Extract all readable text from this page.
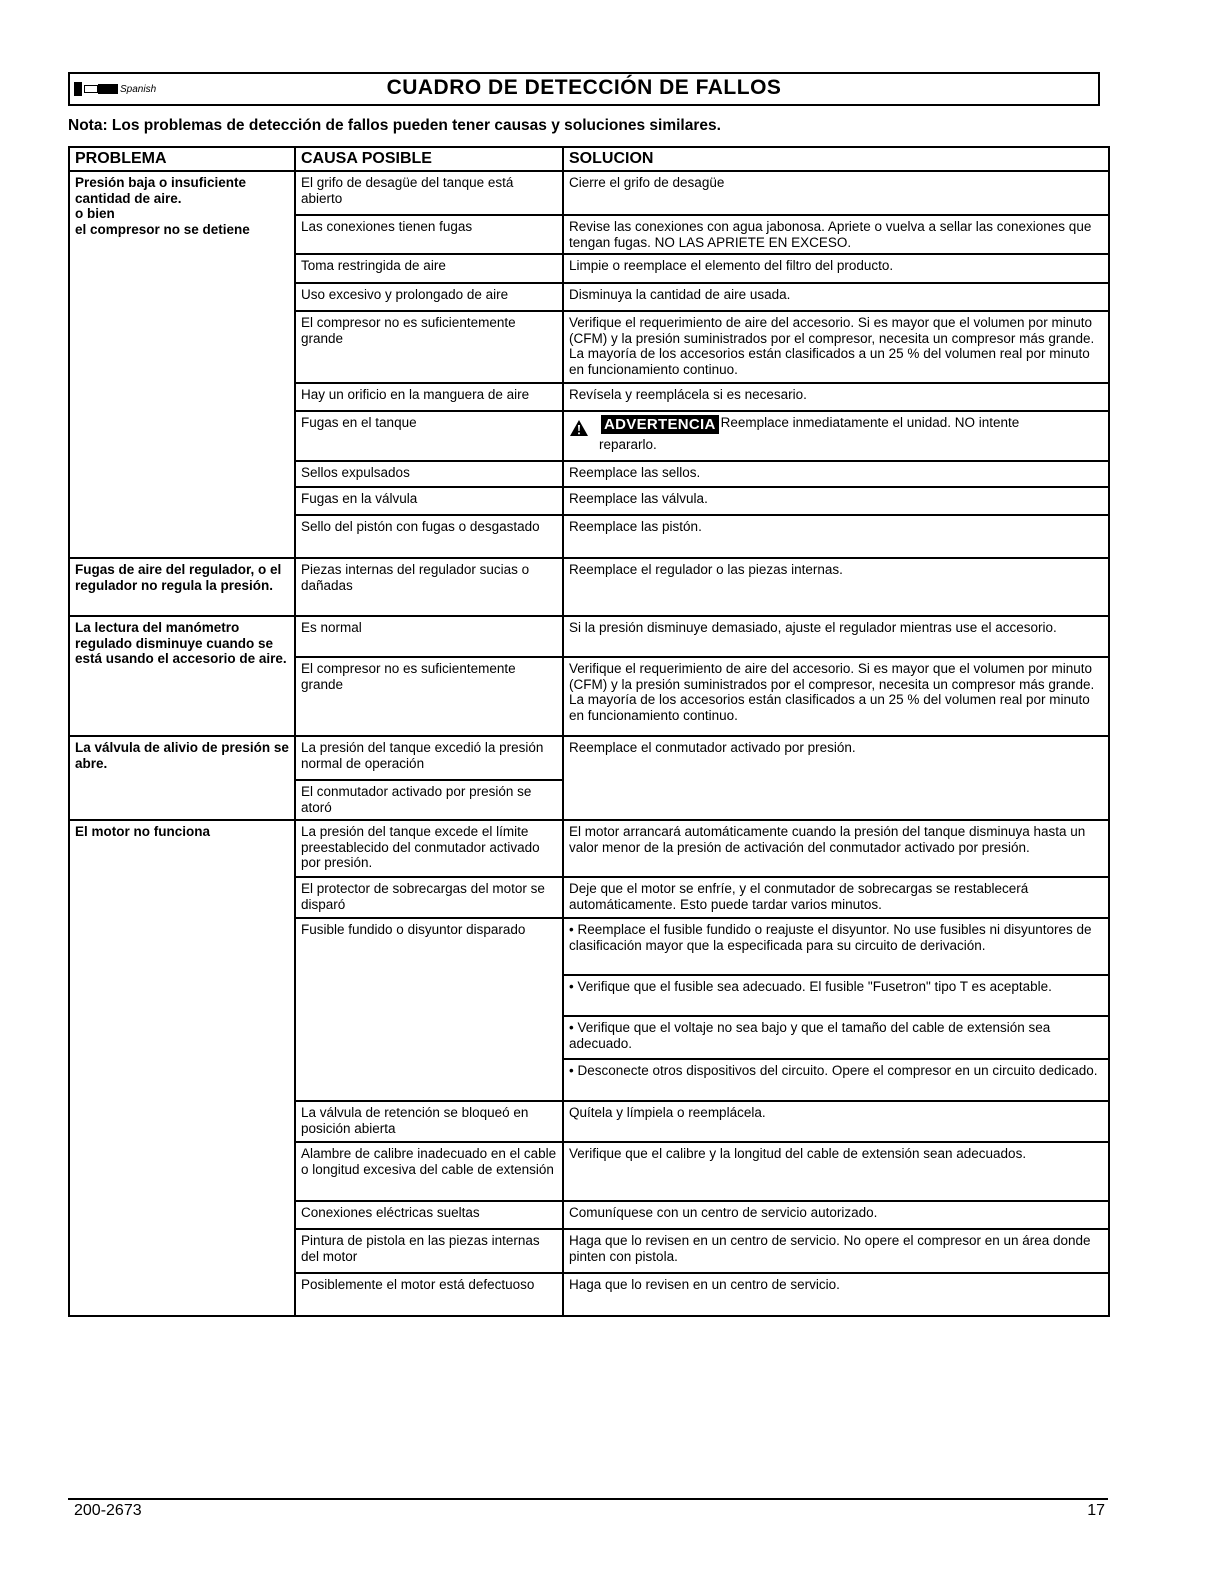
Spanish	CUADRO DE DETECCIÓN DE FALLOS
Nota: Los problemas de detección de fallos pueden tener causas y soluciones similares.
PROBLEMA	CAUSA POSIBLE	SOLUCION
Presión baja o insuficiente cantidad de aire.
o bien
el compresor no se detiene	El grifo de desagüe del tanque está abierto	Cierre el grifo de desagüe
	Las conexiones tienen fugas	Revise las conexiones con agua jabonosa. Apriete o vuelva a sellar las conexiones que tengan fugas. NO LAS APRIETE EN EXCESO.
	Toma restringida de aire	Limpie o reemplace el elemento del filtro del producto.
	Uso excesivo y prolongado de aire	Disminuya la cantidad de aire usada.
	El compresor no es suficientemente grande	Verifique el requerimiento de aire del accesorio. Si es mayor que el volumen por minuto (CFM) y la presión suministrados por el compresor, necesita un compresor más grande. La mayoría de los accesorios están clasificados a un 25 % del volumen real por minuto en funcionamiento continuo.
	Hay un orificio en la manguera de aire	Revísela y reemplácela si es necesario.
	Fugas en el tanque	ADVERTENCIA Reemplace inmediatamente el unidad. NO intente
repararlo.

	Sellos expulsados	Reemplace las sellos.
	Fugas en la válvula	Reemplace las válvula.
	Sello del pistón con fugas o desgastado	Reemplace las pistón.
Fugas de aire del regulador, o el regulador no regula la presión.	Piezas internas del regulador sucias o dañadas	Reemplace el regulador o las piezas internas.
La lectura del manómetro regulado disminuye cuando se está usando el accesorio de aire.	Es normal	Si la presión disminuye demasiado, ajuste el regulador mientras use el accesorio.
	El compresor no es suficientemente grande	Verifique el requerimiento de aire del accesorio. Si es mayor que el volumen por minuto (CFM) y la presión suministrados por el compresor, necesita un compresor más grande. La mayoría de los accesorios están clasificados a un 25 % del volumen real por minuto en funcionamiento continuo.
La válvula de alivio de presión se abre.	La presión del tanque excedió la presión normal de operación	Reemplace el conmutador activado por presión.
	El conmutador activado por presión se atoró	
El motor no funciona	La presión del tanque excede el límite preestablecido del conmutador activado por presión.	El motor arrancará automáticamente cuando la presión del tanque disminuya hasta un valor menor de la presión de activación del conmutador activado por presión.
	El protector de sobrecargas del motor se disparó	Deje que el motor se enfríe, y el conmutador de sobrecargas se restablecerá automáticamente. Esto puede tardar varios minutos.
	Fusible fundido o disyuntor disparado	• Reemplace el fusible fundido o reajuste el disyuntor. No use fusibles ni disyuntores de clasificación mayor que la especificada para su circuito de derivación.
		• Verifique que el fusible sea adecuado. El fusible "Fusetron" tipo T es aceptable.
		• Verifique que el voltaje no sea bajo y que el tamaño del cable de extensión sea adecuado.
		• Desconecte otros dispositivos del circuito. Opere el compresor en un circuito dedicado.
	La válvula de retención se bloqueó en posición abierta	Quítela y límpiela o reemplácela.
	Alambre de calibre inadecuado en el cable o longitud excesiva del cable de extensión	Verifique que el calibre y la longitud del cable de extensión sean adecuados.
	Conexiones eléctricas sueltas	Comuníquese con un centro de servicio autorizado.
	Pintura de pistola en las piezas internas del motor	Haga que lo revisen en un centro de servicio. No opere el compresor en un área donde pinten con pistola.
	Posiblemente el motor está defectuoso	Haga que lo revisen en un centro de servicio.
200-2673	17
